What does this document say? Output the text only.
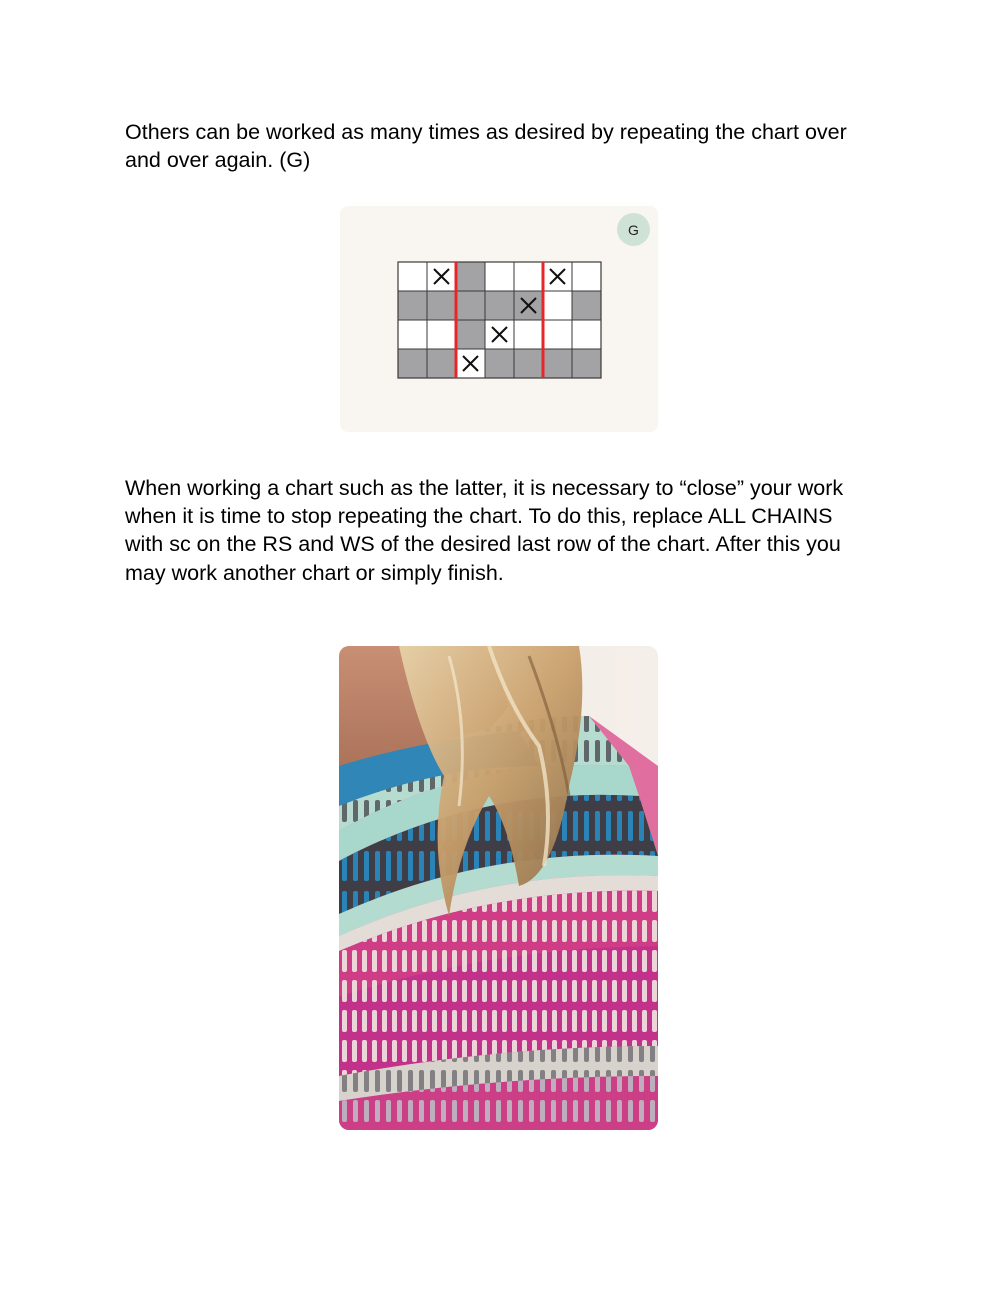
Others can be worked as many times as desired by repeating the chart over and over again. (G)

G

When working a chart such as the latter, it is necessary to “close” your work when it is time to stop repeating the chart. To do this, replace ALL CHAINS with sc on the RS and WS of the desired last row of the chart. After this you may work another chart or simply finish.
